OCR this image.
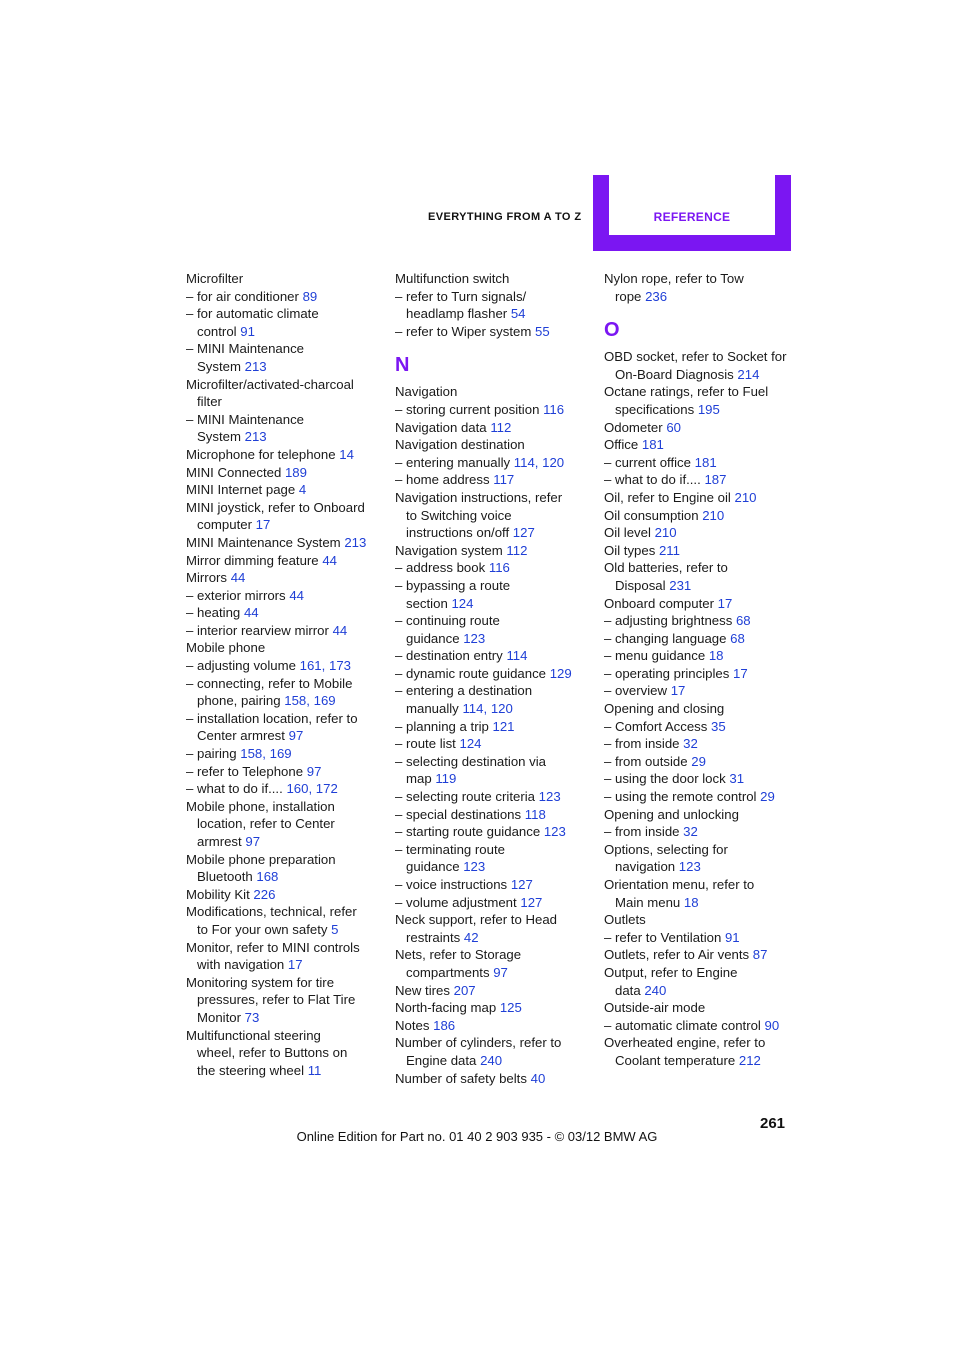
EVERYTHING FROM A TO Z	REFERENCE
Microfilter
– for air conditioner 89
– for automatic climate
control 91
– MINI Maintenance
System 213
Microfilter/activated-charcoal
filter
– MINI Maintenance
System 213
Microphone for telephone 14
MINI Connected 189
MINI Internet page 4
MINI joystick, refer to Onboard
computer 17
MINI Maintenance System 213
Mirror dimming feature 44
Mirrors 44
– exterior mirrors 44
– heating 44
– interior rearview mirror 44
Mobile phone
– adjusting volume 161, 173
– connecting, refer to Mobile
phone, pairing 158, 169
– installation location, refer to
Center armrest 97
– pairing 158, 169
– refer to Telephone 97
– what to do if.... 160, 172
Mobile phone, installation
location, refer to Center
armrest 97
Mobile phone preparation
Bluetooth 168
Mobility Kit 226
Modifications, technical, refer
to For your own safety 5
Monitor, refer to MINI controls
with navigation 17
Monitoring system for tire
pressures, refer to Flat Tire
Monitor 73
Multifunctional steering
wheel, refer to Buttons on
the steering wheel 11
Multifunction switch
– refer to Turn signals/
headlamp flasher 54
– refer to Wiper system 55
N
Navigation
– storing current position 116
Navigation data 112
Navigation destination
– entering manually 114, 120
– home address 117
Navigation instructions, refer
to Switching voice
instructions on/off 127
Navigation system 112
– address book 116
– bypassing a route
section 124
– continuing route
guidance 123
– destination entry 114
– dynamic route guidance 129
– entering a destination
manually 114, 120
– planning a trip 121
– route list 124
– selecting destination via
map 119
– selecting route criteria 123
– special destinations 118
– starting route guidance 123
– terminating route
guidance 123
– voice instructions 127
– volume adjustment 127
Neck support, refer to Head
restraints 42
Nets, refer to Storage
compartments 97
New tires 207
North-facing map 125
Notes 186
Number of cylinders, refer to
Engine data 240
Number of safety belts 40
Nylon rope, refer to Tow
rope 236
O
OBD socket, refer to Socket for
On-Board Diagnosis 214
Octane ratings, refer to Fuel
specifications 195
Odometer 60
Office 181
– current office 181
– what to do if.... 187
Oil, refer to Engine oil 210
Oil consumption 210
Oil level 210
Oil types 211
Old batteries, refer to
Disposal 231
Onboard computer 17
– adjusting brightness 68
– changing language 68
– menu guidance 18
– operating principles 17
– overview 17
Opening and closing
– Comfort Access 35
– from inside 32
– from outside 29
– using the door lock 31
– using the remote control 29
Opening and unlocking
– from inside 32
Options, selecting for
navigation 123
Orientation menu, refer to
Main menu 18
Outlets
– refer to Ventilation 91
Outlets, refer to Air vents 87
Output, refer to Engine
data 240
Outside-air mode
– automatic climate control 90
Overheated engine, refer to
Coolant temperature 212
261
Online Edition for Part no. 01 40 2 903 935 - © 03/12 BMW AG
